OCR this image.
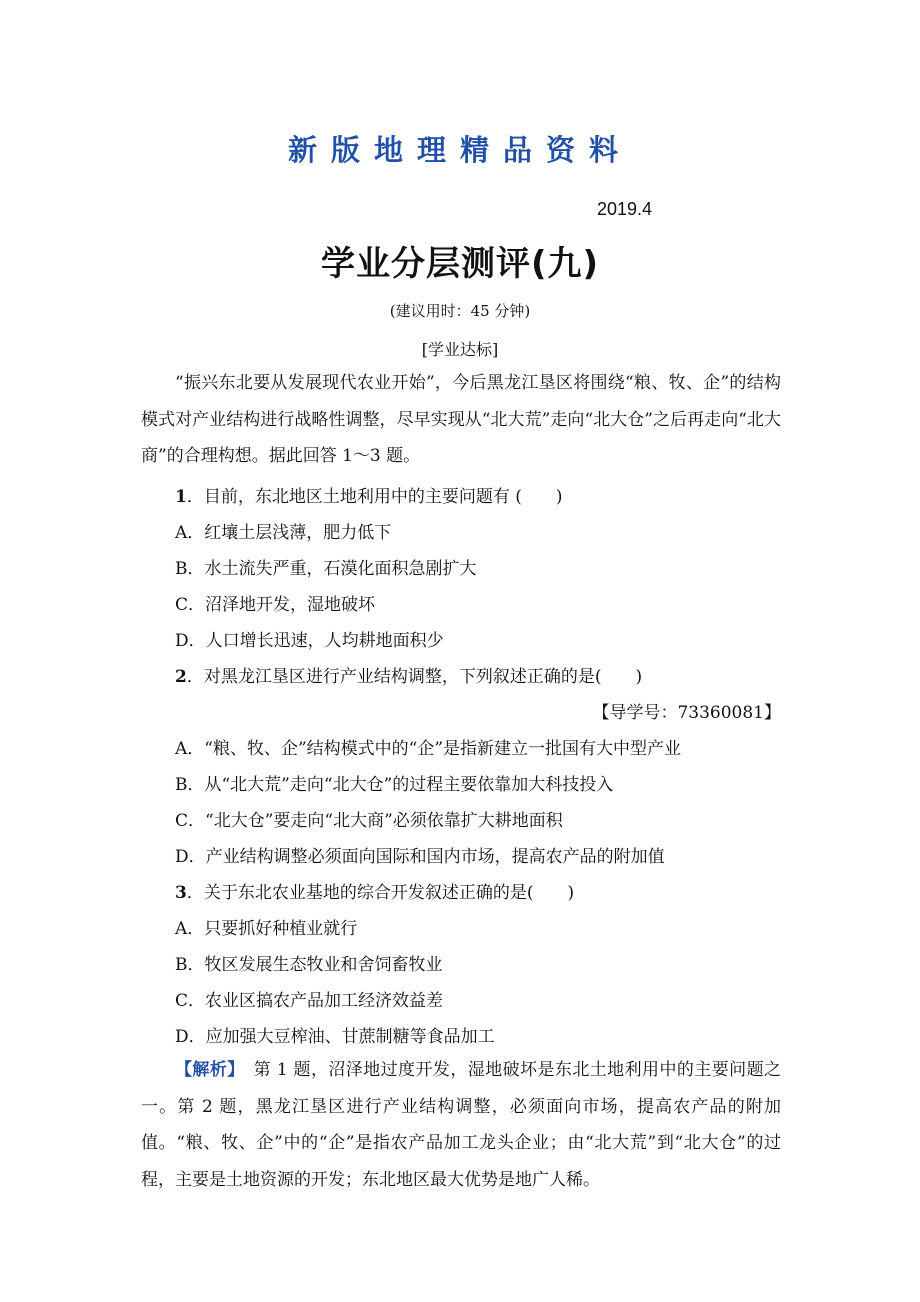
新版地理精品资料
2019.4
学业分层测评(九)
(建议用时：45 分钟)
[学业达标]
“振兴东北要从发展现代农业开始”，今后黑龙江垦区将围绕“粮、牧、企”的结构模式对产业结构进行战略性调整，尽早实现从“北大荒”走向“北大仓”之后再走向“北大商”的合理构想。据此回答 1～3 题。
1．目前，东北地区土地利用中的主要问题有 (　　)
A．红壤土层浅薄，肥力低下
B．水土流失严重，石漠化面积急剧扩大
C．沼泽地开发，湿地破坏
D．人口增长迅速，人均耕地面积少
2．对黑龙江垦区进行产业结构调整，下列叙述正确的是(　　)
【导学号：73360081】
A．“粮、牧、企”结构模式中的“企”是指新建立一批国有大中型产业
B．从“北大荒”走向“北大仓”的过程主要依靠加大科技投入
C．“北大仓”要走向“北大商”必须依靠扩大耕地面积
D．产业结构调整必须面向国际和国内市场，提高农产品的附加值
3．关于东北农业基地的综合开发叙述正确的是(　　)
A．只要抓好种植业就行
B．牧区发展生态牧业和舍饲畜牧业
C．农业区搞农产品加工经济效益差
D．应加强大豆榨油、甘蔗制糖等食品加工
【解析】　第 1 题，沼泽地过度开发，湿地破坏是东北土地利用中的主要问题之一。第 2 题，黑龙江垦区进行产业结构调整，必须面向市场，提高农产品的附加值。“粮、牧、企”中的“企”是指农产品加工龙头企业；由“北大荒”到“北大仓”的过程，主要是土地资源的开发；东北地区最大优势是地广人稀。
